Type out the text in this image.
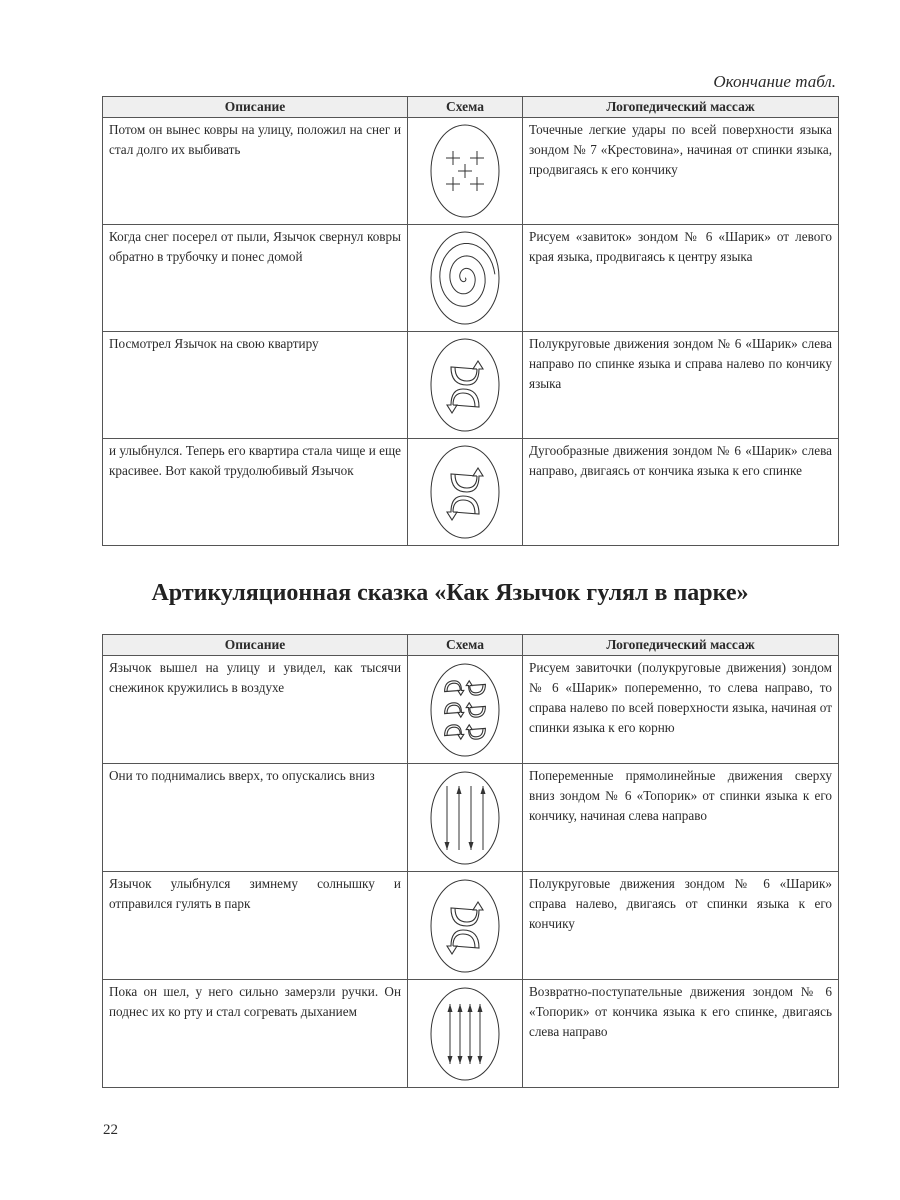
Окончание табл.
Описание	Схема	Логопедический массаж
Потом он вынес ковры на улицу, положил на снег и стал долго их выбивать		Точечные легкие удары по всей поверхности языка зондом № 7 «Крестовина», начиная от спинки языка, продвигаясь к его кончику
Когда снег посерел от пыли, Язычок свернул ковры обратно в трубочку и понес домой		Рисуем «завиток» зондом № 6 «Шарик» от левого края языка, продвигаясь к центру языка
Посмотрел Язычок на свою квартиру		Полукруговые движения зондом № 6 «Шарик» слева направо по спинке языка и справа налево по кончику языка
и улыбнулся. Теперь его квартира стала чище и еще красивее. Вот какой трудолюбивый Язычок		Дугообразные движения зондом № 6 «Шарик» слева направо, двигаясь от кончика языка к его спинке
Артикуляционная сказка «Как Язычок гулял в парке»
Описание	Схема	Логопедический массаж
Язычок вышел на улицу и увидел, как тысячи снежинок кружились в воздухе		Рисуем завиточки (полукруговые движения) зондом № 6 «Шарик» попеременно, то слева направо, то справа налево по всей поверхности языка, начиная от спинки языка к его корню
Они то поднимались вверх, то опускались вниз		Попеременные прямолинейные движения сверху вниз зондом № 6 «Топорик» от спинки языка к его кончику, начиная слева направо
Язычок улыбнулся зимнему солнышку и отправился гулять в парк		Полукруговые движения зондом № 6 «Шарик» справа налево, двигаясь от спинки языка к его кончику
Пока он шел, у него сильно замерзли ручки. Он поднес их ко рту и стал согревать дыханием		Возвратно-поступательные движения зондом № 6 «Топорик» от кончика языка к его спинке, двигаясь слева направо
22
